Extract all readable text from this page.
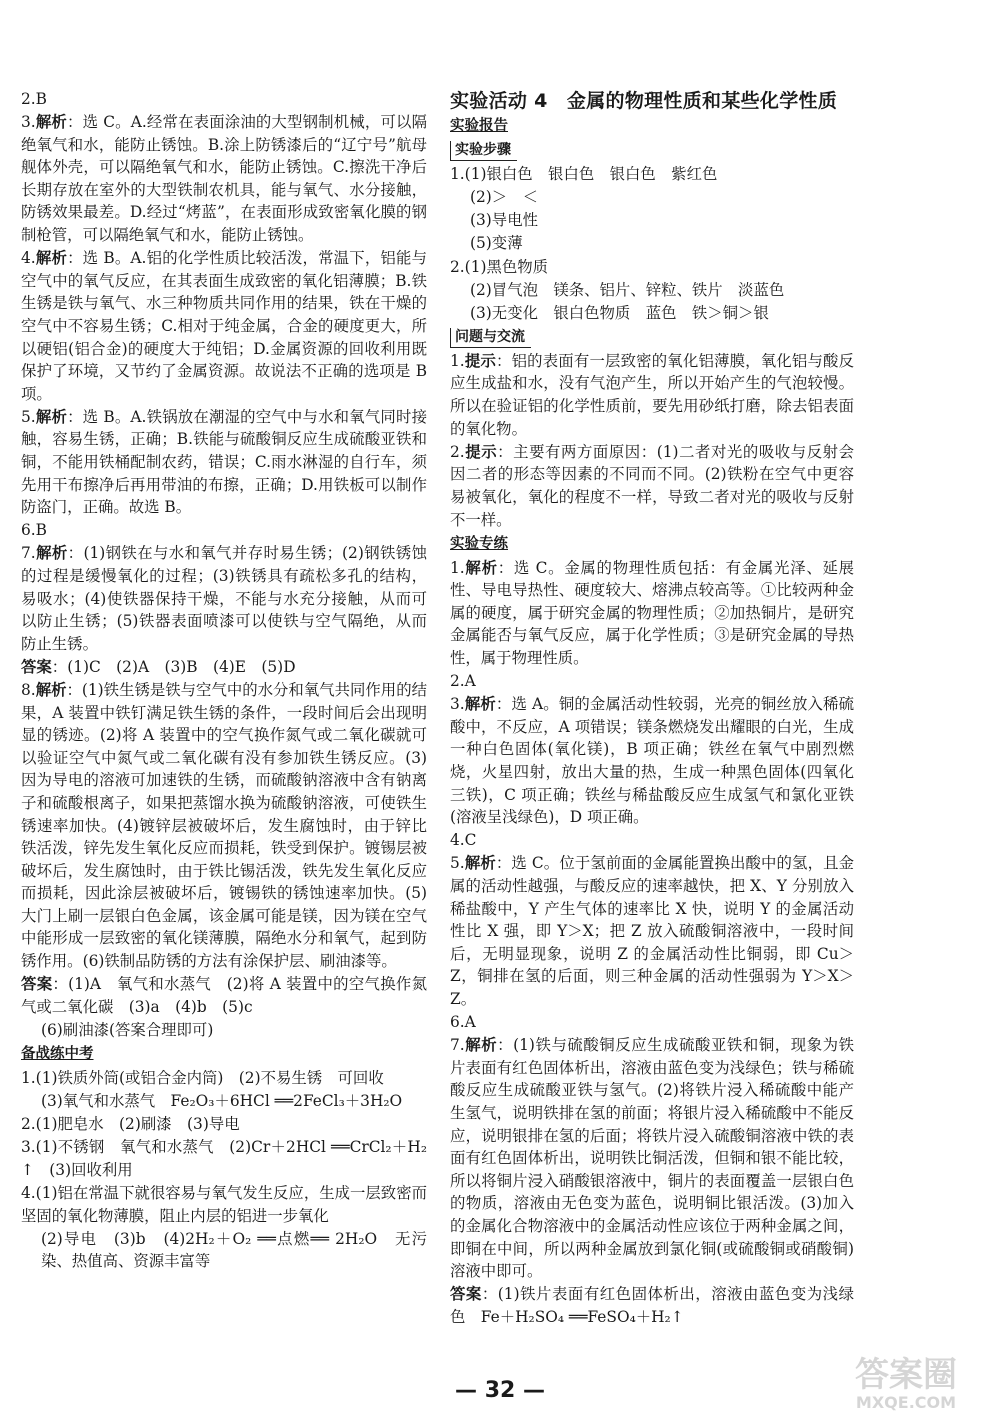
2.B

3.解析：选 C。A.经常在表面涂油的大型钢制机械，可以隔绝氧气和水，能防止锈蚀。B.涂上防锈漆后的“辽宁号”航母舰体外壳，可以隔绝氧气和水，能防止锈蚀。C.擦洗干净后长期存放在室外的大型铁制农机具，能与氧气、水分接触，防锈效果最差。D.经过“烤蓝”，在表面形成致密氧化膜的钢制枪管，可以隔绝氧气和水，能防止锈蚀。

4.解析：选 B。A.铝的化学性质比较活泼，常温下，铝能与空气中的氧气反应，在其表面生成致密的氧化铝薄膜；B.铁生锈是铁与氧气、水三种物质共同作用的结果，铁在干燥的空气中不容易生锈；C.相对于纯金属，合金的硬度更大，所以硬铝(铝合金)的硬度大于纯铝；D.金属资源的回收利用既保护了环境，又节约了金属资源。故说法不正确的选项是 B 项。

5.解析：选 B。A.铁锅放在潮湿的空气中与水和氧气同时接触，容易生锈，正确；B.铁能与硫酸铜反应生成硫酸亚铁和铜，不能用铁桶配制农药，错误；C.雨水淋湿的自行车，须先用干布擦净后再用带油的布擦，正确；D.用铁板可以制作防盗门，正确。故选 B。

6.B

7.解析：(1)钢铁在与水和氧气并存时易生锈；(2)钢铁锈蚀的过程是缓慢氧化的过程；(3)铁锈具有疏松多孔的结构，易吸水；(4)使铁器保持干燥，不能与水充分接触，从而可以防止生锈；(5)铁器表面喷漆可以使铁与空气隔绝，从而防止生锈。

答案：(1)C　(2)A　(3)B　(4)E　(5)D

8.解析：(1)铁生锈是铁与空气中的水分和氧气共同作用的结果，A 装置中铁钉满足铁生锈的条件，一段时间后会出现明显的锈迹。(2)将 A 装置中的空气换作氮气或二氧化碳就可以验证空气中氮气或二氧化碳有没有参加铁生锈反应。(3)因为导电的溶液可加速铁的生锈，而硫酸钠溶液中含有钠离子和硫酸根离子，如果把蒸馏水换为硫酸钠溶液，可使铁生锈速率加快。(4)镀锌层被破坏后，发生腐蚀时，由于锌比铁活泼，锌先发生氧化反应而损耗，铁受到保护。镀锡层被破坏后，发生腐蚀时，由于铁比锡活泼，铁先发生氧化反应而损耗，因此涂层被破坏后，镀锡铁的锈蚀速率加快。(5)大门上刷一层银白色金属，该金属可能是镁，因为镁在空气中能形成一层致密的氧化镁薄膜，隔绝水分和氧气，起到防锈作用。(6)铁制品防锈的方法有涂保护层、刷油漆等。

答案：(1)A　氧气和水蒸气　(2)将 A 装置中的空气换作氮气或二氧化碳　(3)a　(4)b　(5)c

(6)刷油漆(答案合理即可)

备战练中考

1.(1)铁质外筒(或铝合金内筒)　(2)不易生锈　可回收

(3)氧气和水蒸气　Fe₂O₃＋6HCl ══2FeCl₃＋3H₂O

2.(1)肥皂水　(2)刷漆　(3)导电

3.(1)不锈钢　氧气和水蒸气　(2)Cr＋2HCl ══CrCl₂＋H₂↑　(3)回收利用

4.(1)铝在常温下就很容易与氧气发生反应，生成一层致密而坚固的氧化物薄膜，阻止内层的铝进一步氧化

(2)导电　(3)b　(4)2H₂＋O₂ ══点燃══ 2H₂O　无污染、热值高、资源丰富等

实验活动 4　金属的物理性质和某些化学性质
实验报告
实验步骤

1.(1)银白色　银白色　银白色　紫红色

(2)＞　＜

(3)导电性

(5)变薄

2.(1)黑色物质

(2)冒气泡　镁条、铝片、锌粒、铁片　淡蓝色

(3)无变化　银白色物质　蓝色　铁＞铜＞银

问题与交流

1.提示：铝的表面有一层致密的氧化铝薄膜，氧化铝与酸反应生成盐和水，没有气泡产生，所以开始产生的气泡较慢。所以在验证铝的化学性质前，要先用砂纸打磨，除去铝表面的氧化物。

2.提示：主要有两方面原因：(1)二者对光的吸收与反射会因二者的形态等因素的不同而不同。(2)铁粉在空气中更容易被氧化，氧化的程度不一样，导致二者对光的吸收与反射不一样。

实验专练

1.解析：选 C。金属的物理性质包括：有金属光泽、延展性、导电导热性、硬度较大、熔沸点较高等。①比较两种金属的硬度，属于研究金属的物理性质；②加热铜片，是研究金属能否与氧气反应，属于化学性质；③是研究金属的导热性，属于物理性质。

2.A

3.解析：选 A。铜的金属活动性较弱，光亮的铜丝放入稀硫酸中，不反应，A 项错误；镁条燃烧发出耀眼的白光，生成一种白色固体(氧化镁)，B 项正确；铁丝在氧气中剧烈燃烧，火星四射，放出大量的热，生成一种黑色固体(四氧化三铁)，C 项正确；铁丝与稀盐酸反应生成氢气和氯化亚铁(溶液呈浅绿色)，D 项正确。

4.C

5.解析：选 C。位于氢前面的金属能置换出酸中的氢，且金属的活动性越强，与酸反应的速率越快，把 X、Y 分别放入稀盐酸中，Y 产生气体的速率比 X 快，说明 Y 的金属活动性比 X 强，即 Y＞X；把 Z 放入硫酸铜溶液中，一段时间后，无明显现象，说明 Z 的金属活动性比铜弱，即 Cu＞Z，铜排在氢的后面，则三种金属的活动性强弱为 Y＞X＞Z。

6.A

7.解析：(1)铁与硫酸铜反应生成硫酸亚铁和铜，现象为铁片表面有红色固体析出，溶液由蓝色变为浅绿色；铁与稀硫酸反应生成硫酸亚铁与氢气。(2)将铁片浸入稀硫酸中能产生氢气，说明铁排在氢的前面；将银片浸入稀硫酸中不能反应，说明银排在氢的后面；将铁片浸入硫酸铜溶液中铁的表面有红色固体析出，说明铁比铜活泼，但铜和银不能比较，所以将铜片浸入硝酸银溶液中，铜片的表面覆盖一层银白色的物质，溶液由无色变为蓝色，说明铜比银活泼。(3)加入的金属化合物溶液中的金属活动性应该位于两种金属之间，即铜在中间，所以两种金属放到氯化铜(或硫酸铜或硝酸铜)溶液中即可。

答案：(1)铁片表面有红色固体析出，溶液由蓝色变为浅绿色　Fe＋H₂SO₄ ══FeSO₄＋H₂↑

— 32 —	答案圈
MXQE.COM
